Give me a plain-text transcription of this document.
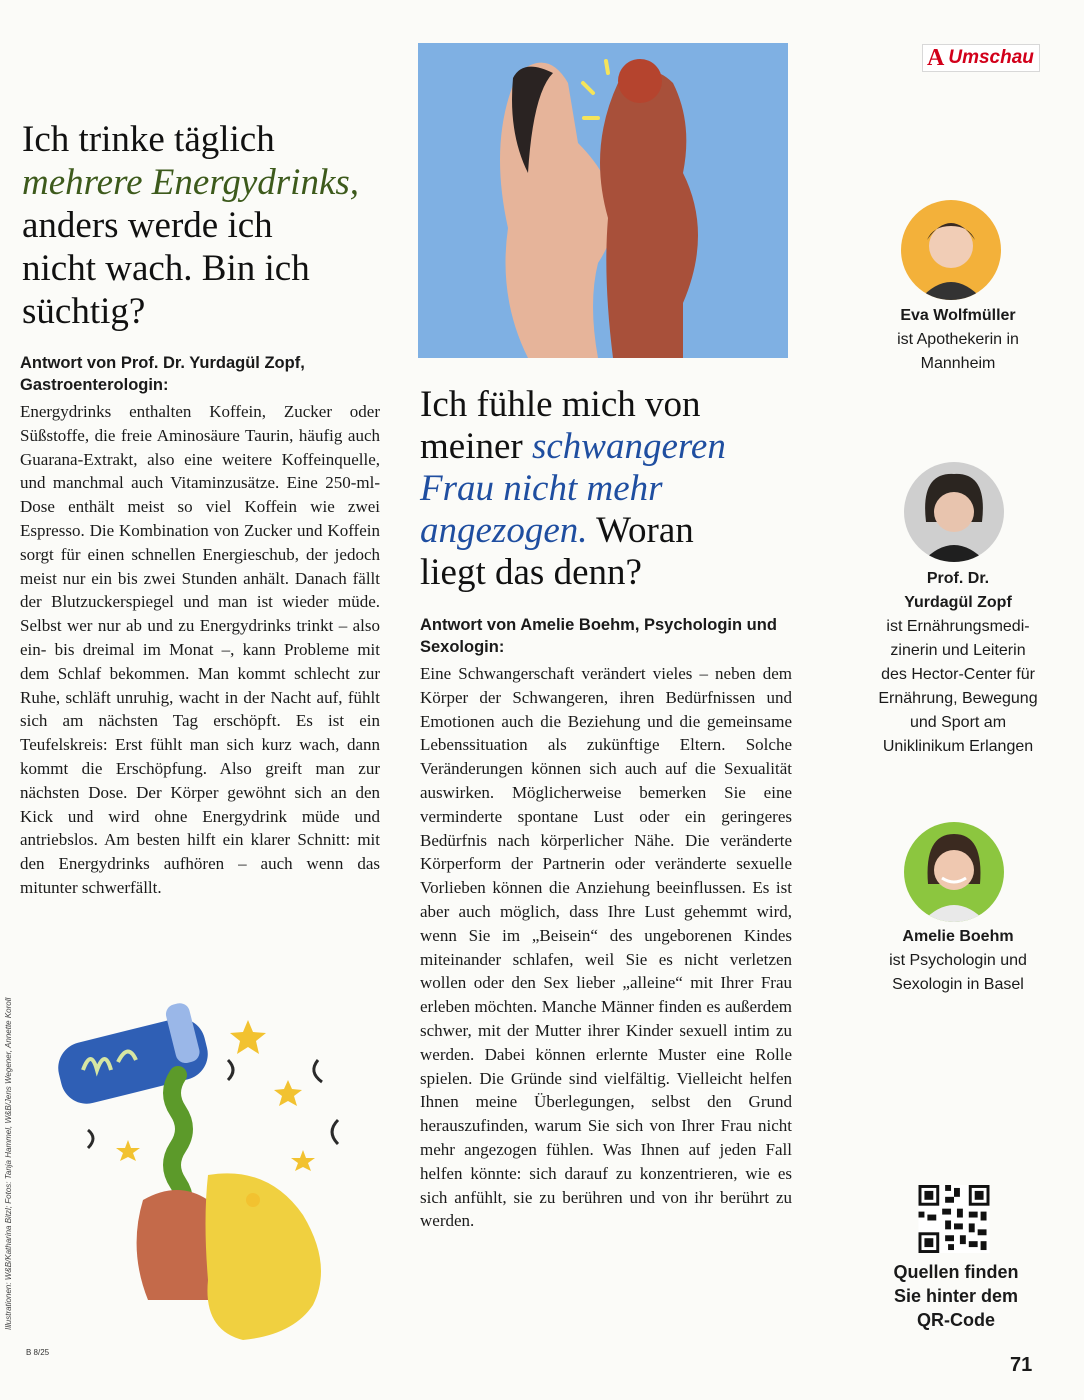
A Umschau
Ich trinke täglich
mehrere Energydrinks,
anders werde ich
nicht wach. Bin ich
süchtig?
Antwort von Prof. Dr. Yurdagül Zopf, Gastroenterologin:
Energydrinks enthalten Koffein, Zucker oder Süßstoffe, die freie Aminosäure Taurin, häufig auch Guarana-Extrakt, also eine weitere Koffeinquelle, und manchmal auch Vitaminzusätze. Eine 250-ml-Dose enthält meist so viel Koffein wie zwei Espresso. Die Kombination von Zucker und Koffein sorgt für einen schnellen Energieschub, der jedoch meist nur ein bis zwei Stunden anhält. Danach fällt der Blutzuckerspiegel und man ist wieder müde. Selbst wer nur ab und zu Energydrinks trinkt – also ein- bis dreimal im Monat –, kann Probleme mit dem Schlaf bekommen. Man kommt schlecht zur Ruhe, schläft unruhig, wacht in der Nacht auf, fühlt sich am nächsten Tag erschöpft. Es ist ein Teufelskreis: Erst fühlt man sich kurz wach, dann kommt die Erschöpfung. Also greift man zur nächsten Dose. Der Körper gewöhnt sich an den Kick und wird ohne Energydrink müde und antriebslos. Am besten hilft ein klarer Schnitt: mit den Energydrinks aufhören – auch wenn das mitunter schwerfällt.
Ich fühle mich von
meiner schwangeren
Frau nicht mehr
angezogen. Woran
liegt das denn?
Antwort von Amelie Boehm, Psychologin und Sexologin:
Eine Schwangerschaft verändert vieles – neben dem Körper der Schwangeren, ihren Bedürfnissen und Emotionen auch die Beziehung und die gemeinsame Lebenssituation als zukünftige Eltern. Solche Veränderungen können sich auch auf die Sexualität auswirken. Möglicherweise bemerken Sie eine verminderte spontane Lust oder ein geringeres Bedürfnis nach körperlicher Nähe. Die veränderte Körperform der Partnerin oder veränderte sexuelle Vorlieben können die Anziehung beeinflussen. Es ist aber auch möglich, dass Ihre Lust gehemmt wird, wenn Sie im „Beisein“ des ungeborenen Kindes miteinander schlafen, weil Sie es nicht verletzen wollen oder den Sex lieber „alleine“ mit Ihrer Frau erleben möchten. Manche Männer finden es außerdem schwer, mit der Mutter ihrer Kinder sexuell intim zu werden. Dabei können erlernte Muster eine Rolle spielen. Die Gründe sind vielfältig. Vielleicht helfen Ihnen meine Überlegungen, selbst den Grund herauszufinden, warum Sie sich von Ihrer Frau nicht mehr angezogen fühlen. Was Ihnen auf jeden Fall helfen könnte: sich darauf zu konzentrieren, wie es sich anfühlt, sie zu berühren und von ihr berührt zu werden.
Eva Wolfmüller
ist Apothekerin in
Mannheim
Prof. Dr.
Yurdagül Zopf
ist Ernährungsmedi-
zinerin und Leiterin
des Hector-Center für
Ernährung, Bewegung
und Sport am
Uniklinikum Erlangen
Amelie Boehm
ist Psychologin und
Sexologin in Basel
Quellen finden
Sie hinter dem
QR-Code
Illustrationen: W&B/Katharina Bitzl; Fotos: Tanja Hammel, W&B/Jens Wegener, Annette Koroll
B 8/25
71
